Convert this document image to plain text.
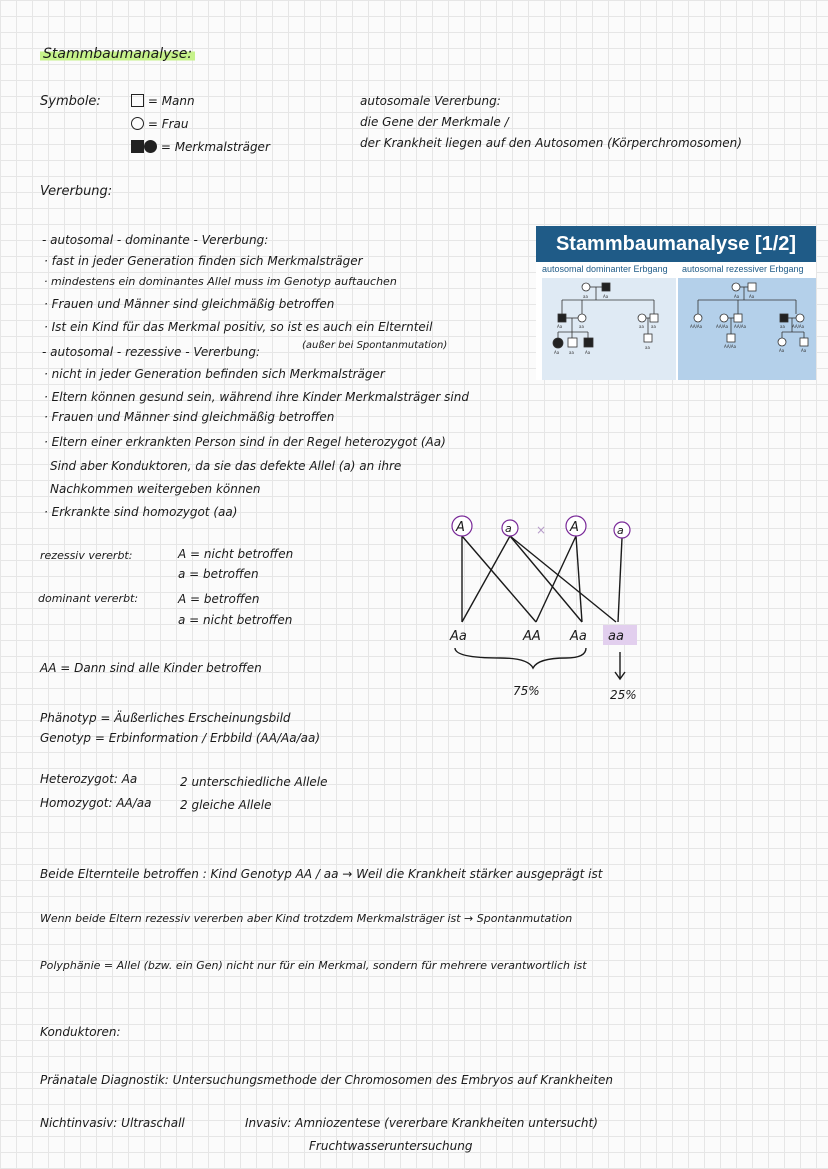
Stammbaumanalyse:
Symbole:	= Mann
= Frau
= Merkmalsträger
autosomale Vererbung:
die Gene der Merkmale /
der Krankheit liegen auf den Autosomen (Körperchromosomen)
Vererbung:
- autosomal - dominante - Vererbung:
· fast in jeder Generation finden sich Merkmalsträger
· mindestens ein dominantes Allel muss im Genotyp auftauchen
· Frauen und Männer sind gleichmäßig betroffen
· Ist ein Kind für das Merkmal positiv, so ist es auch ein Elternteil
(außer bei Spontanmutation)
- autosomal - rezessive - Vererbung:
· nicht in jeder Generation befinden sich Merkmalsträger
· Eltern können gesund sein, während ihre Kinder Merkmalsträger sind
· Frauen und Männer sind gleichmäßig betroffen
· Eltern einer erkrankten Person sind in der Regel heterozygot (Aa)
Sind aber Konduktoren, da sie das defekte Allel (a) an ihre
Nachkommen weitergeben können
· Erkrankte sind homozygot (aa)
Stammbaumanalyse [1/2]
autosomal dominanter Erbgang autosomal rezessiver Erbgang
aa	Aa
Aa	aa	aa aa
aa
Aa aa	Aa
Aa Aa
AA/Aa	AA/Aa AA/Aa	aa AA/Aa
AA/Aa
Aa	Aa
rezessiv vererbt:	A = nicht betroffen
a = betroffen
dominant vererbt:	A = betroffen
a = nicht betroffen
A	a × A	a
Aa	AA Aa aa
75%	25%
AA = Dann sind alle Kinder betroffen
Phänotyp = Äußerliches Erscheinungsbild
Genotyp = Erbinformation / Erbbild (AA/Aa/aa)
Heterozygot: Aa	2 unterschiedliche Allele
Homozygot: AA/aa 2 gleiche Allele
Beide Elternteile betroffen : Kind Genotyp AA / aa → Weil die Krankheit stärker ausgeprägt ist
Wenn beide Eltern rezessiv vererben aber Kind trotzdem Merkmalsträger ist → Spontanmutation
Polyphänie = Allel (bzw. ein Gen) nicht nur für ein Merkmal, sondern für mehrere verantwortlich ist
Konduktoren:
Pränatale Diagnostik: Untersuchungsmethode der Chromosomen des Embryos auf Krankheiten
Nichtinvasiv: Ultraschall	Invasiv: Amniozentese (vererbare Krankheiten untersucht)
Fruchtwasseruntersuchung
